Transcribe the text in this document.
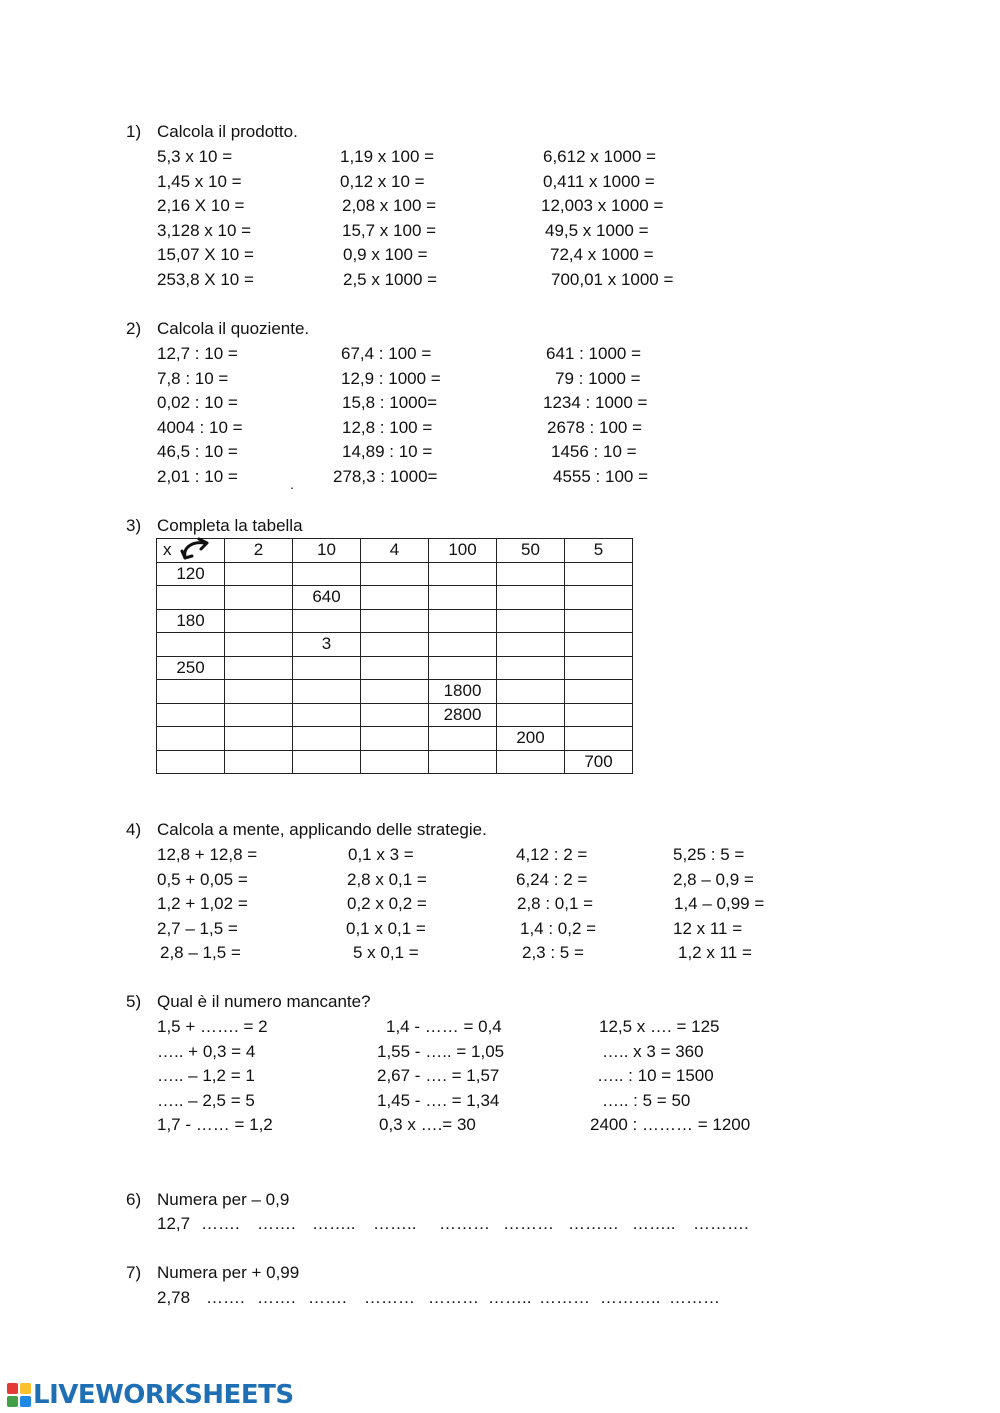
1) Calcola il prodotto.
5,3 x 10 =	1,19 x 100 =	6,612 x 1000 =
1,45 x 10 =	0,12 x 10 =	0,411 x 1000 =
2,16 X 10 =	2,08 x 100 =	12,003 x 1000 =
3,128 x 10 =	15,7 x 100 =	49,5 x 1000 =
15,07 X 10 =	0,9 x 100 =	72,4 x 1000 =
253,8 X 10 =	2,5 x 1000 =	700,01 x 1000 =
2) Calcola il quoziente.
12,7 : 10 =	67,4 : 100 =	641 : 1000 =
7,8 : 10 =	12,9 : 1000 =	79 : 1000 =
0,02 : 10 =	15,8 : 1000=	1234 : 1000 =
4004 : 10 =	12,8 : 100 =	2678 : 100 =
46,5 : 10 =	14,89 : 10 =	1456 : 10 =
2,01 : 10 =	278,3 : 1000=	4555 : 100 =
.
3) Completa la tabella
x	2	10	4	100	50	5
120						
		640				
180						
		3				
250						
				1800		
				2800		
					200	
						700
4) Calcola a mente, applicando delle strategie.
12,8 + 12,8 =	0,1 x 3 =	4,12 : 2 =	5,25 : 5 =
0,5 + 0,05 =	2,8 x 0,1 =	6,24 : 2 =	2,8 – 0,9 =
1,2 + 1,02 =	0,2 x 0,2 =	2,8 : 0,1 =	1,4 – 0,99 =
2,7 – 1,5 =	0,1 x 0,1 =	1,4 : 0,2 =	12 x 11 =
2,8 – 1,5 =	5 x 0,1 =	2,3 : 5 =	1,2 x 11 =
5) Qual è il numero mancante?
1,5 + ……. = 2	1,4 - …… = 0,4	12,5 x …. = 125
….. + 0,3 = 4	1,55 - ….. = 1,05	….. x 3 = 360
….. – 1,2 = 1	2,67 - …. = 1,57	….. : 10 = 1500
….. – 2,5 = 5	1,45 - …. = 1,34	….. : 5 = 50
1,7 - …… = 1,2	0,3 x ….= 30	2400 : ……… = 1200
6) Numera per – 0,9
12,7 ……. ……. …….. …….. ……… ……… ……… …….. ……….
7) Numera per + 0,99
2,78 ……. ……. ……. ……… ……… …….. ……… ……….. ………
LIVEWORKSHEETS
